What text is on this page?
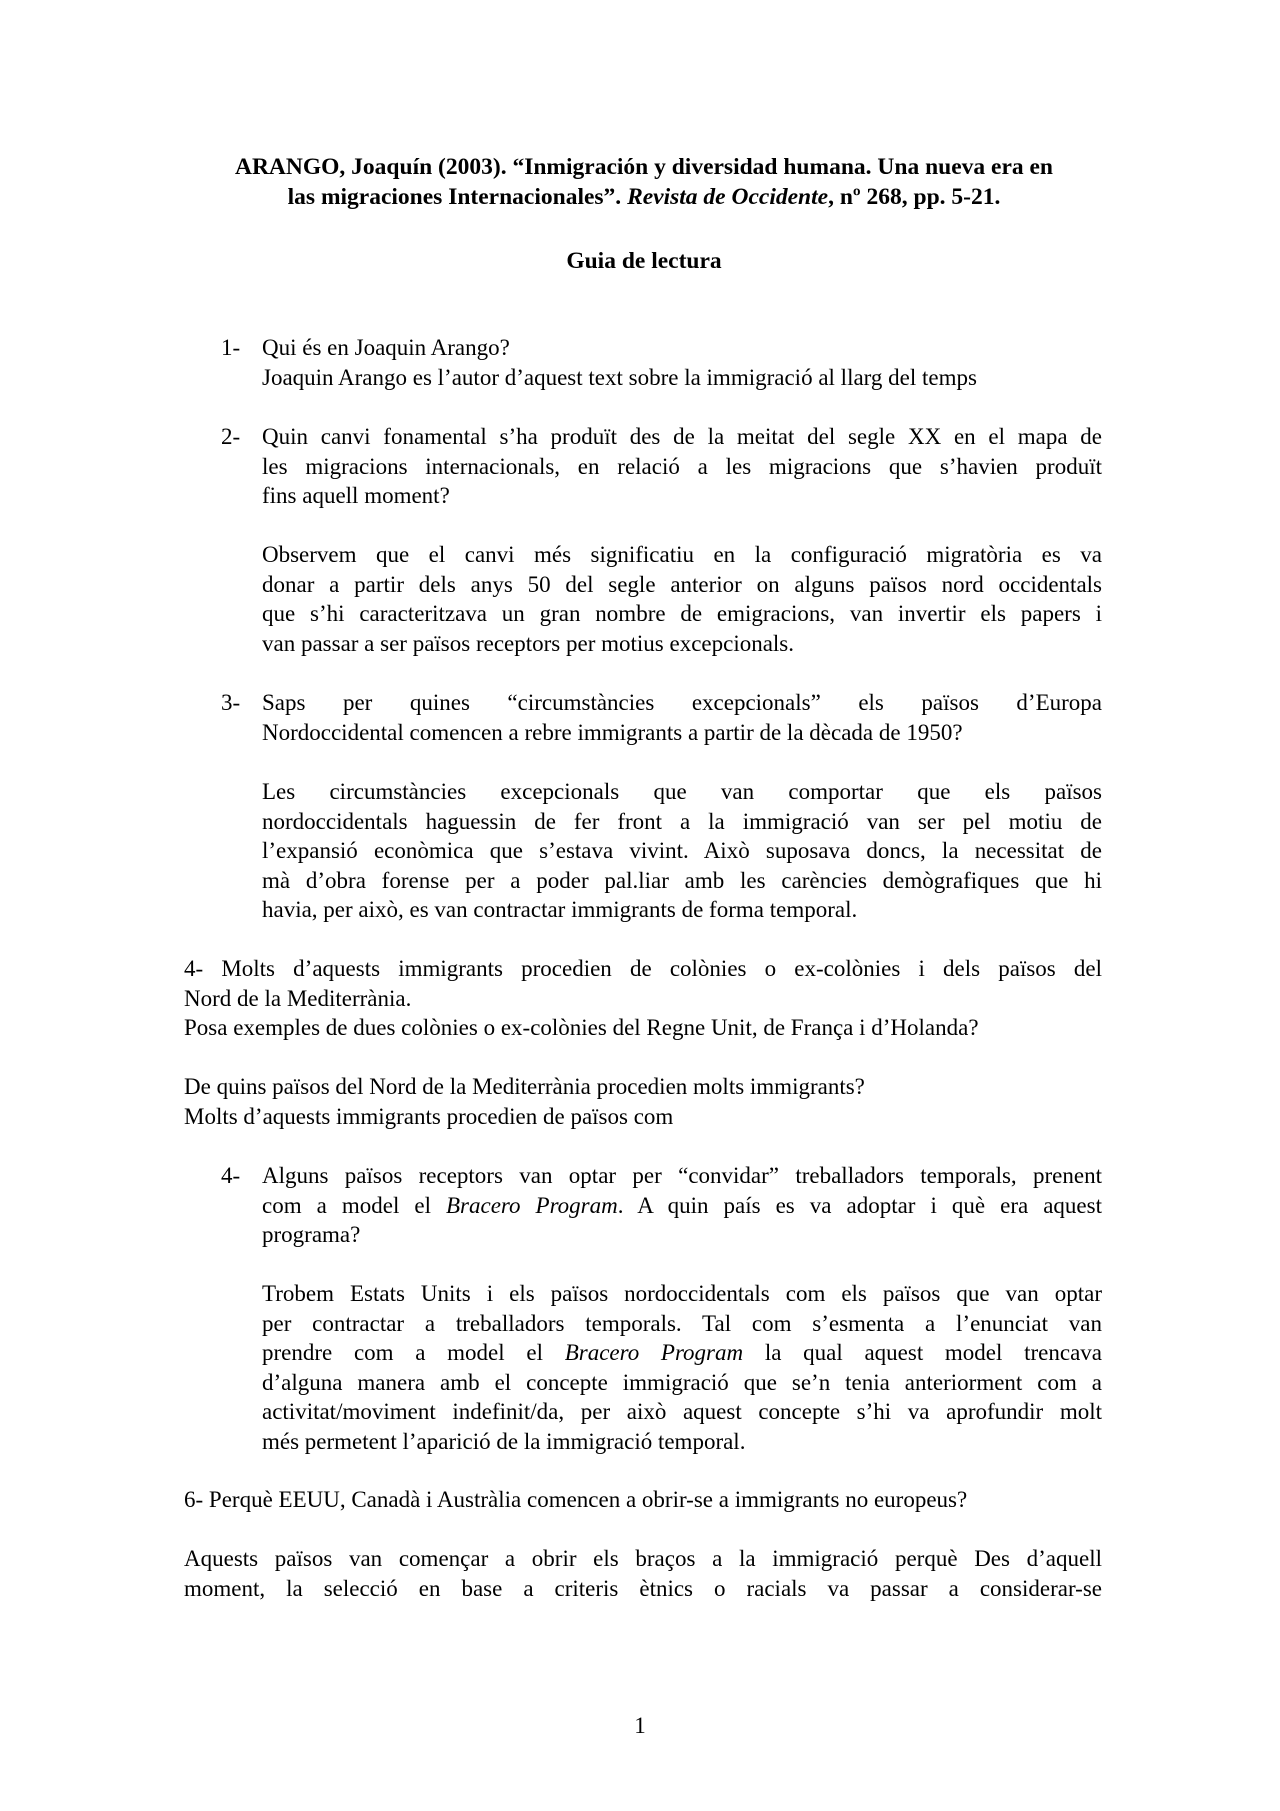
ARANGO, Joaquín (2003). “Inmigración y diversidad humana. Una nueva era en
las migraciones Internacionales”. Revista de Occidente, nº 268, pp. 5-21.
Guia de lectura
1- Qui és en Joaquin Arango?
Joaquin Arango es l’autor d’aquest text sobre la immigració al llarg del temps
2- Quin canvi fonamental s’ha produït des de la meitat del segle XX en el mapa de
les migracions internacionals, en relació a les migracions que s’havien produït
fins aquell moment?
Observem que el canvi més significatiu en la configuració migratòria es va
donar a partir dels anys 50 del segle anterior on alguns països nord occidentals
que s’hi caracteritzava un gran nombre de emigracions, van invertir els papers i
van passar a ser països receptors per motius excepcionals.
3- Saps per quines “circumstàncies excepcionals” els països d’Europa
Nordoccidental comencen a rebre immigrants a partir de la dècada de 1950?
Les circumstàncies excepcionals que van comportar que els països
nordoccidentals haguessin de fer front a la immigració van ser pel motiu de
l’expansió econòmica que s’estava vivint. Això suposava doncs, la necessitat de
mà d’obra forense per a poder pal.liar amb les carències demògrafiques que hi
havia, per això, es van contractar immigrants de forma temporal.
4- Molts d’aquests immigrants procedien de colònies o ex-colònies i dels països del
Nord de la Mediterrània.
Posa exemples de dues colònies o ex-colònies del Regne Unit, de França i d’Holanda?
De quins països del Nord de la Mediterrània procedien molts immigrants?
Molts d’aquests immigrants procedien de països com
4- Alguns països receptors van optar per “convidar” treballadors temporals, prenent
com a model el Bracero Program. A quin país es va adoptar i què era aquest
programa?
Trobem Estats Units i els països nordoccidentals com els països que van optar
per contractar a treballadors temporals. Tal com s’esmenta a l’enunciat van
prendre com a model el Bracero Program la qual aquest model trencava
d’alguna manera amb el concepte immigració que se’n tenia anteriorment com a
activitat/moviment indefinit/da, per això aquest concepte s’hi va aprofundir molt
més permetent l’aparició de la immigració temporal.
6- Perquè EEUU, Canadà i Austràlia comencen a obrir-se a immigrants no europeus?
Aquests països van començar a obrir els braços a la immigració perquè Des d’aquell
moment, la selecció en base a criteris ètnics o racials va passar a considerar-se
1
